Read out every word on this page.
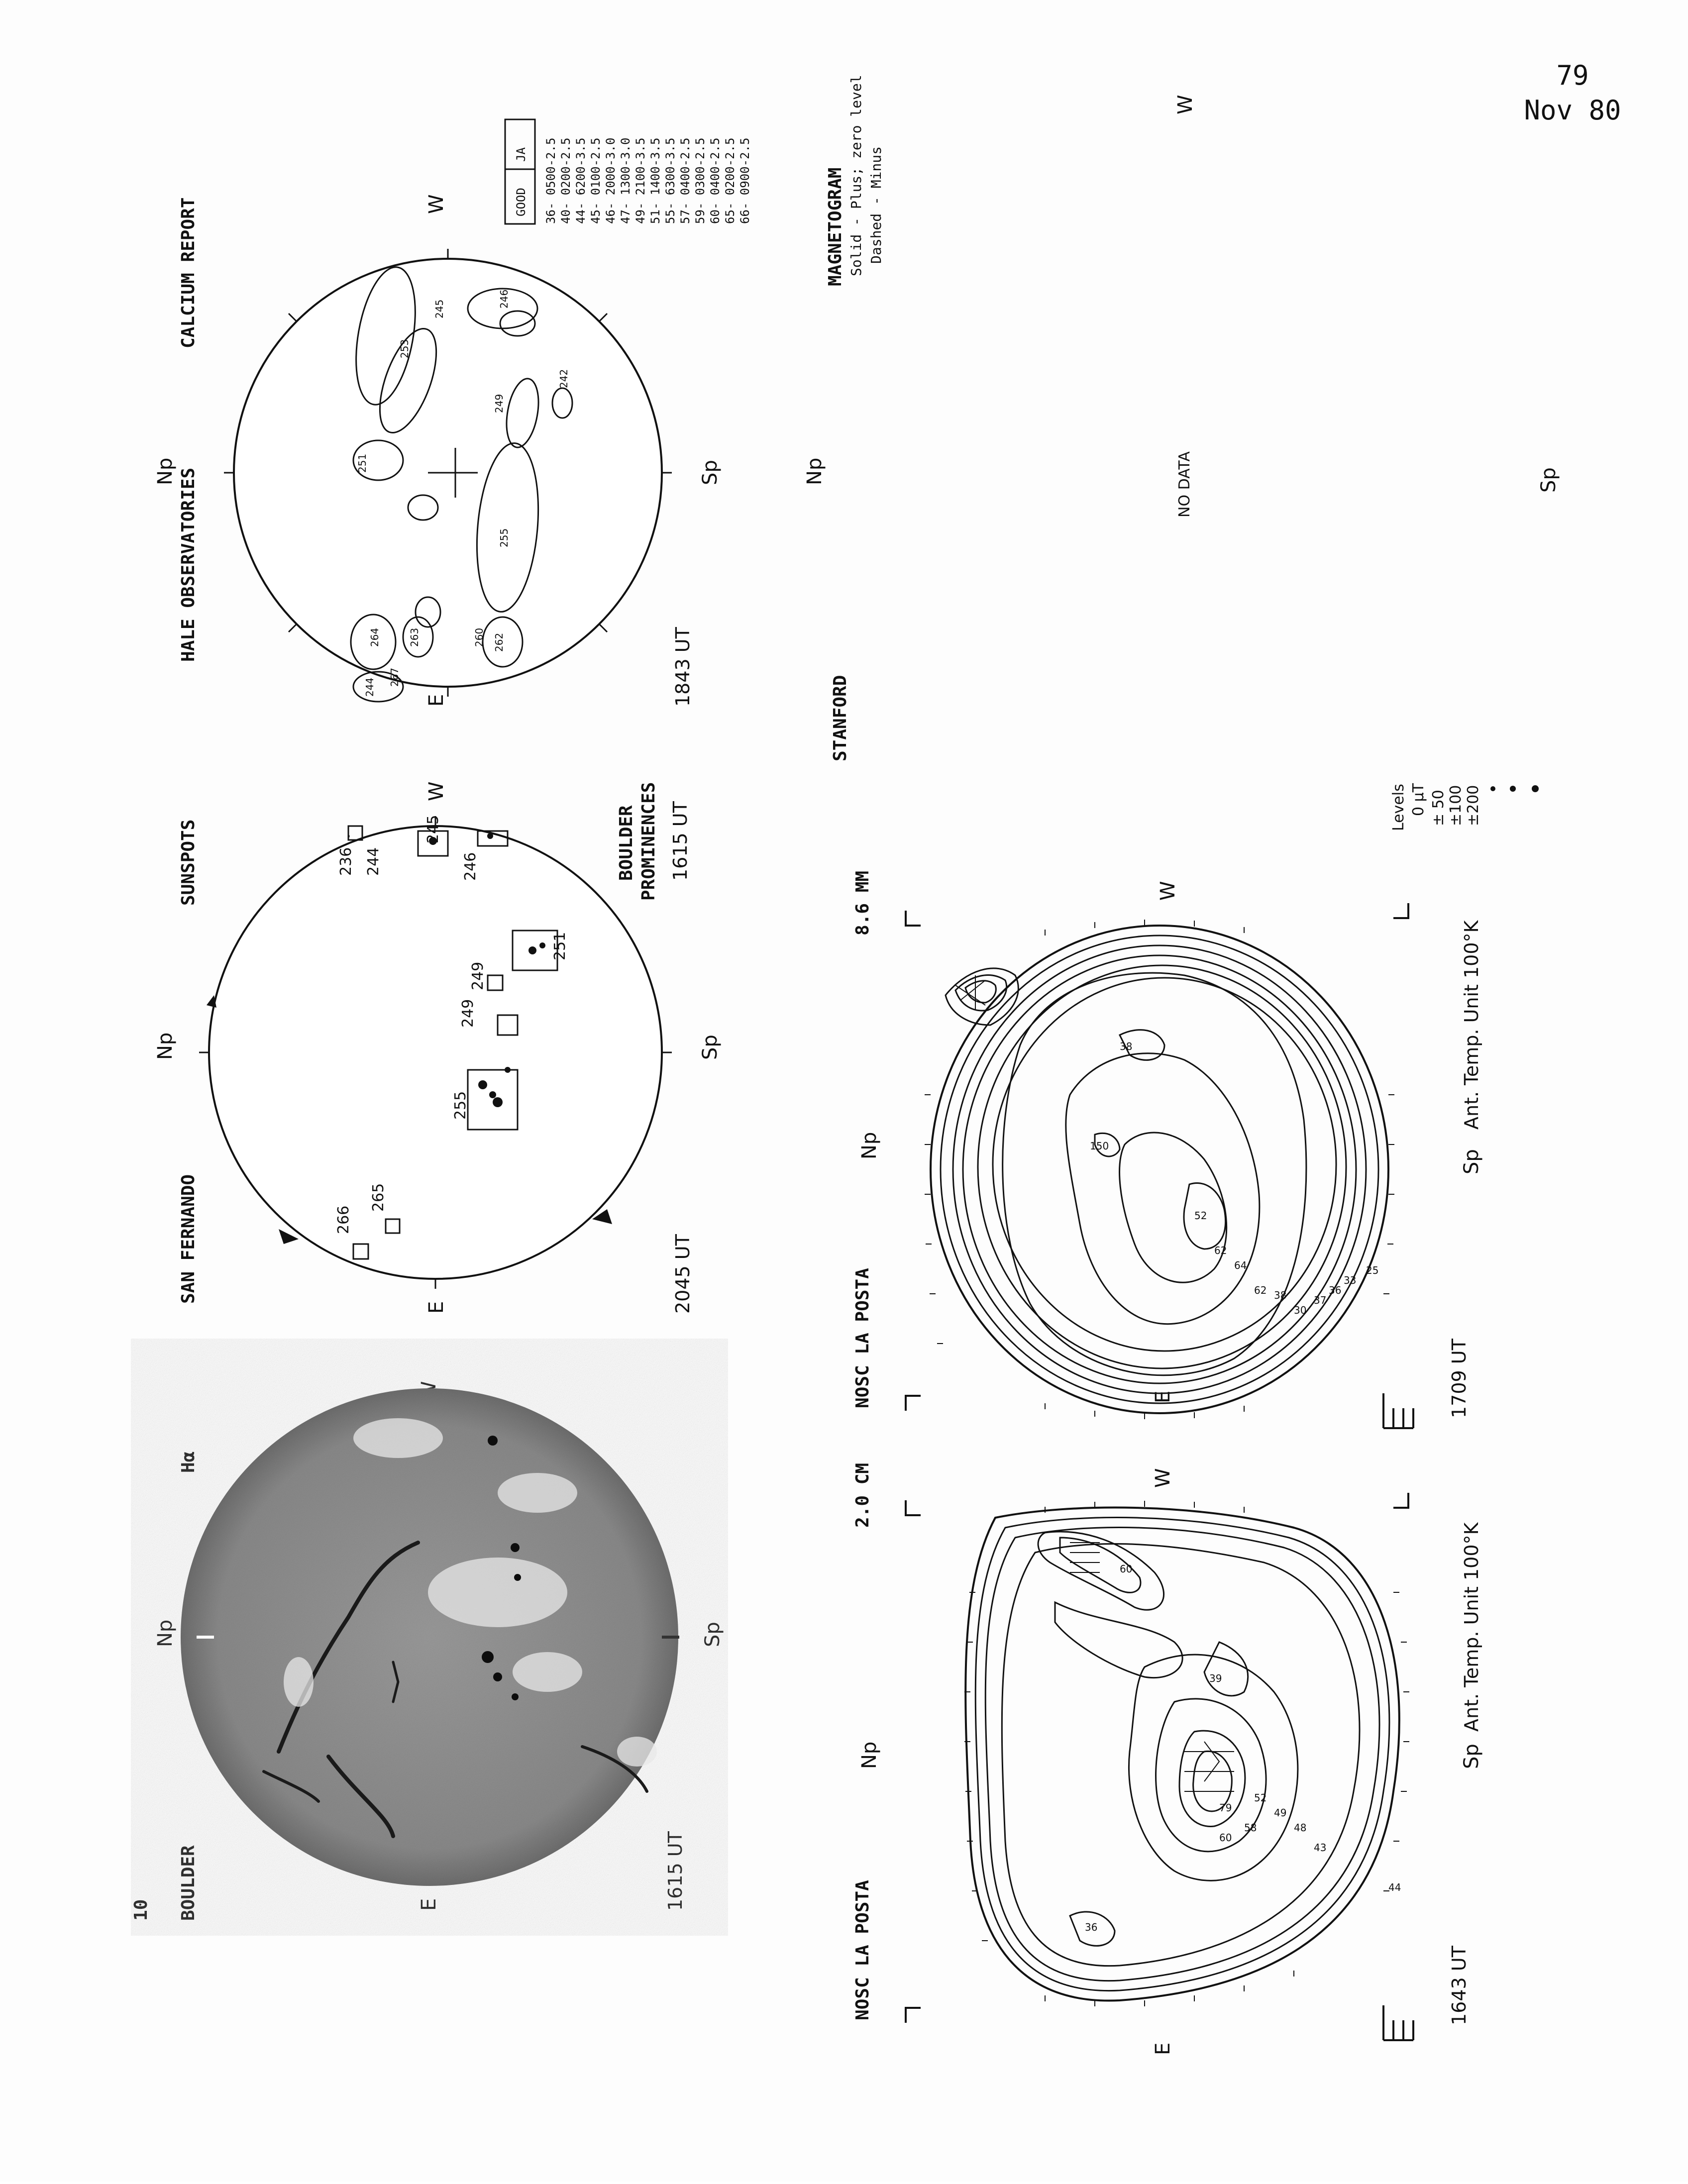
79
Nov 80
10 BOULDER
Hα
Np	Sp
E	1615 UT
SAN FERNANDO
SUNSPOTS
Np	Sp
E
W
2045 UT
BOULDER PROMINENCES 1615 UT
266
265
255
249
249
251
246
245
244
236
HALE OBSERVATORIES
CALCIUM REPORT
Np	Sp
E
W
1843 UT
244
264	263
267
262
260
255
251
249
253
242
246
245
GOOD
JA 36- 0500-2.5 40- 0200-2.5 44- 6200-3.5 45- 0100-2.5 46- 2000-3.0 47- 1300-3.0 49- 2100-3.5 51- 1400-3.5 55- 6300-3.5 57- 0400-2.5 59- 0300-2.5 60- 0400-2.5 65- 0200-2.5 66- 0900-2.5
NOSC LA POSTA
2.0 CM
Np	Sp
E
W
1643 UT
Ant. Temp. Unit 100°K
44
36
43
48
49
52
58
60
79
39
60
NOSC LA POSTA
8.6 MM
Np
Sp
E
W
1709 UT
Ant. Temp. Unit 100°K
38
150
52
62
64
62 38
30
37
36
33
25
STANFORD
MAGNETOGRAM Solid - Plus; zero level Dashed - Minus
Np	Sp
W
NO DATA
Levels 0 µT ± 50 ±100 ±200
